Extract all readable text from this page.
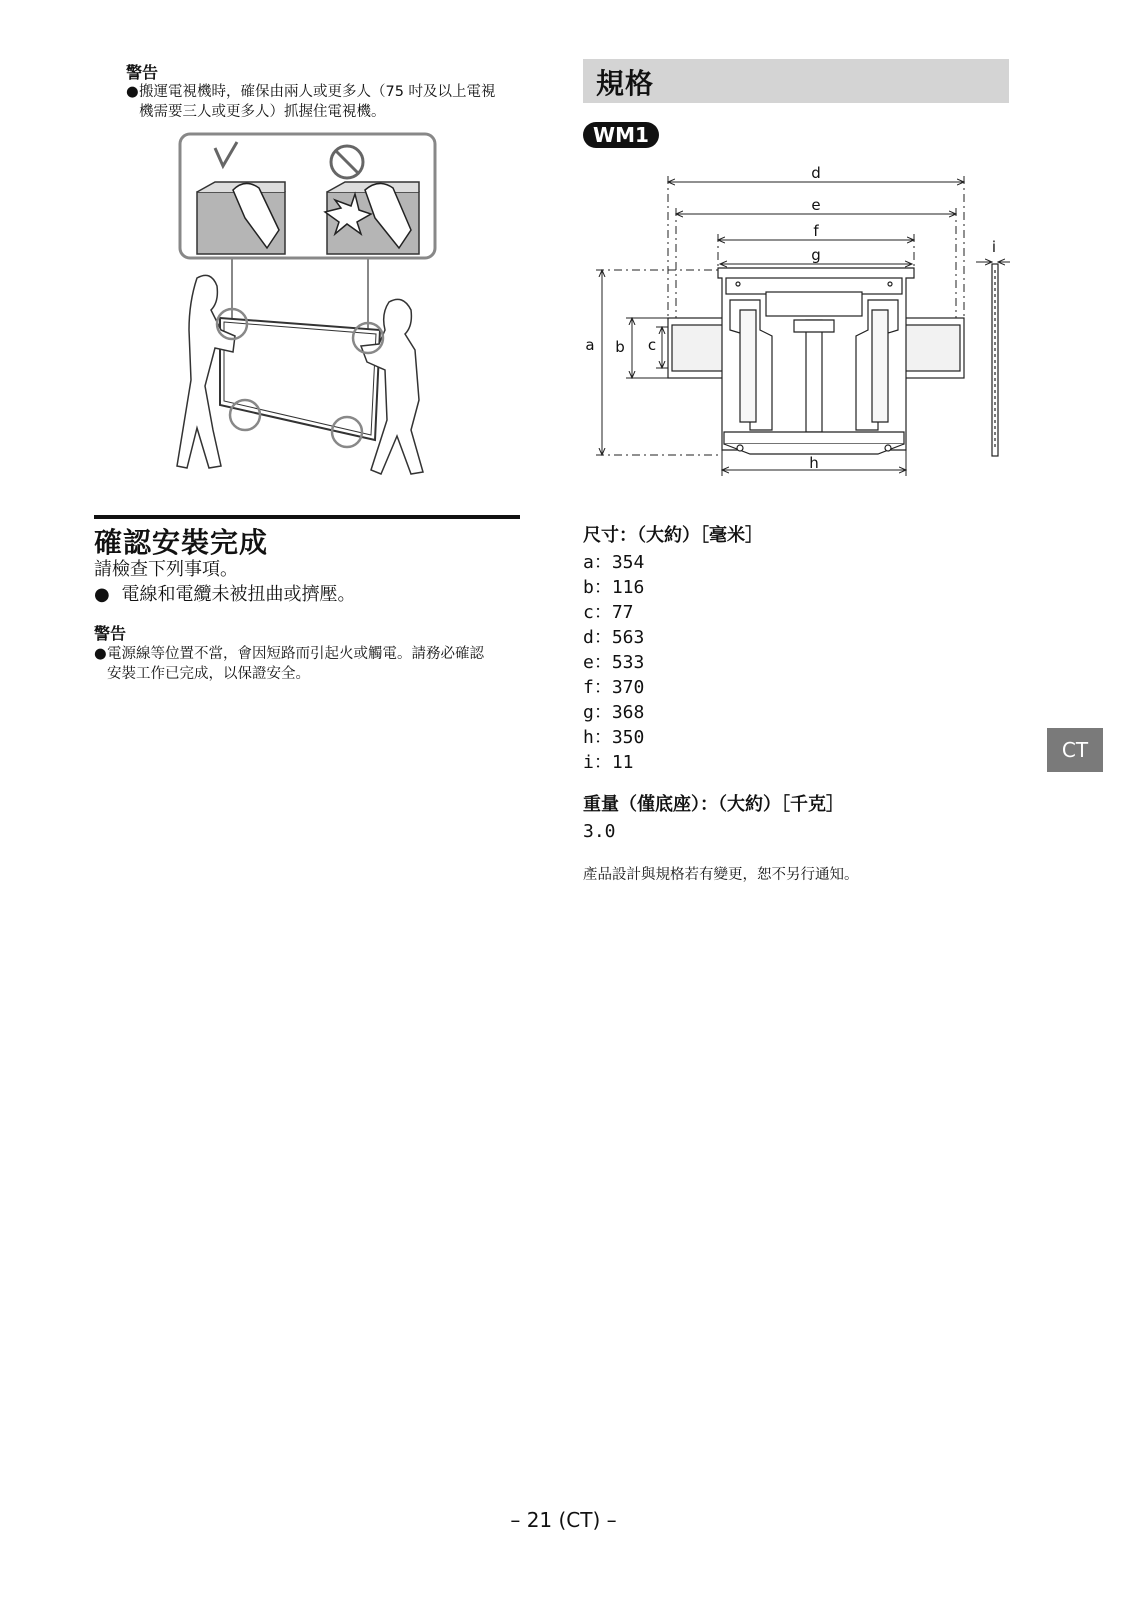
警告
● 搬運電視機時，確保由兩人或更多人（75 吋及以上電視
機需要三人或更多人）抓握住電視機。
確認安裝完成
請檢查下列事項。
● 電線和電纜未被扭曲或擠壓。
警告
● 電源線等位置不當，會因短路而引起火或觸電。請務必確認
安裝工作已完成，以保證安全。
規格
WM1
d
e
f
g
a b c
h
i
尺寸：（大約）［毫米］
a：354
b：116
c：77
d：563
e：533
f：370
g：368
h：350
i：11
重量（僅底座）：（大約）［千克］
3.0
產品設計與規格若有變更，恕不另行通知。
CT
– 21 (CT) –
